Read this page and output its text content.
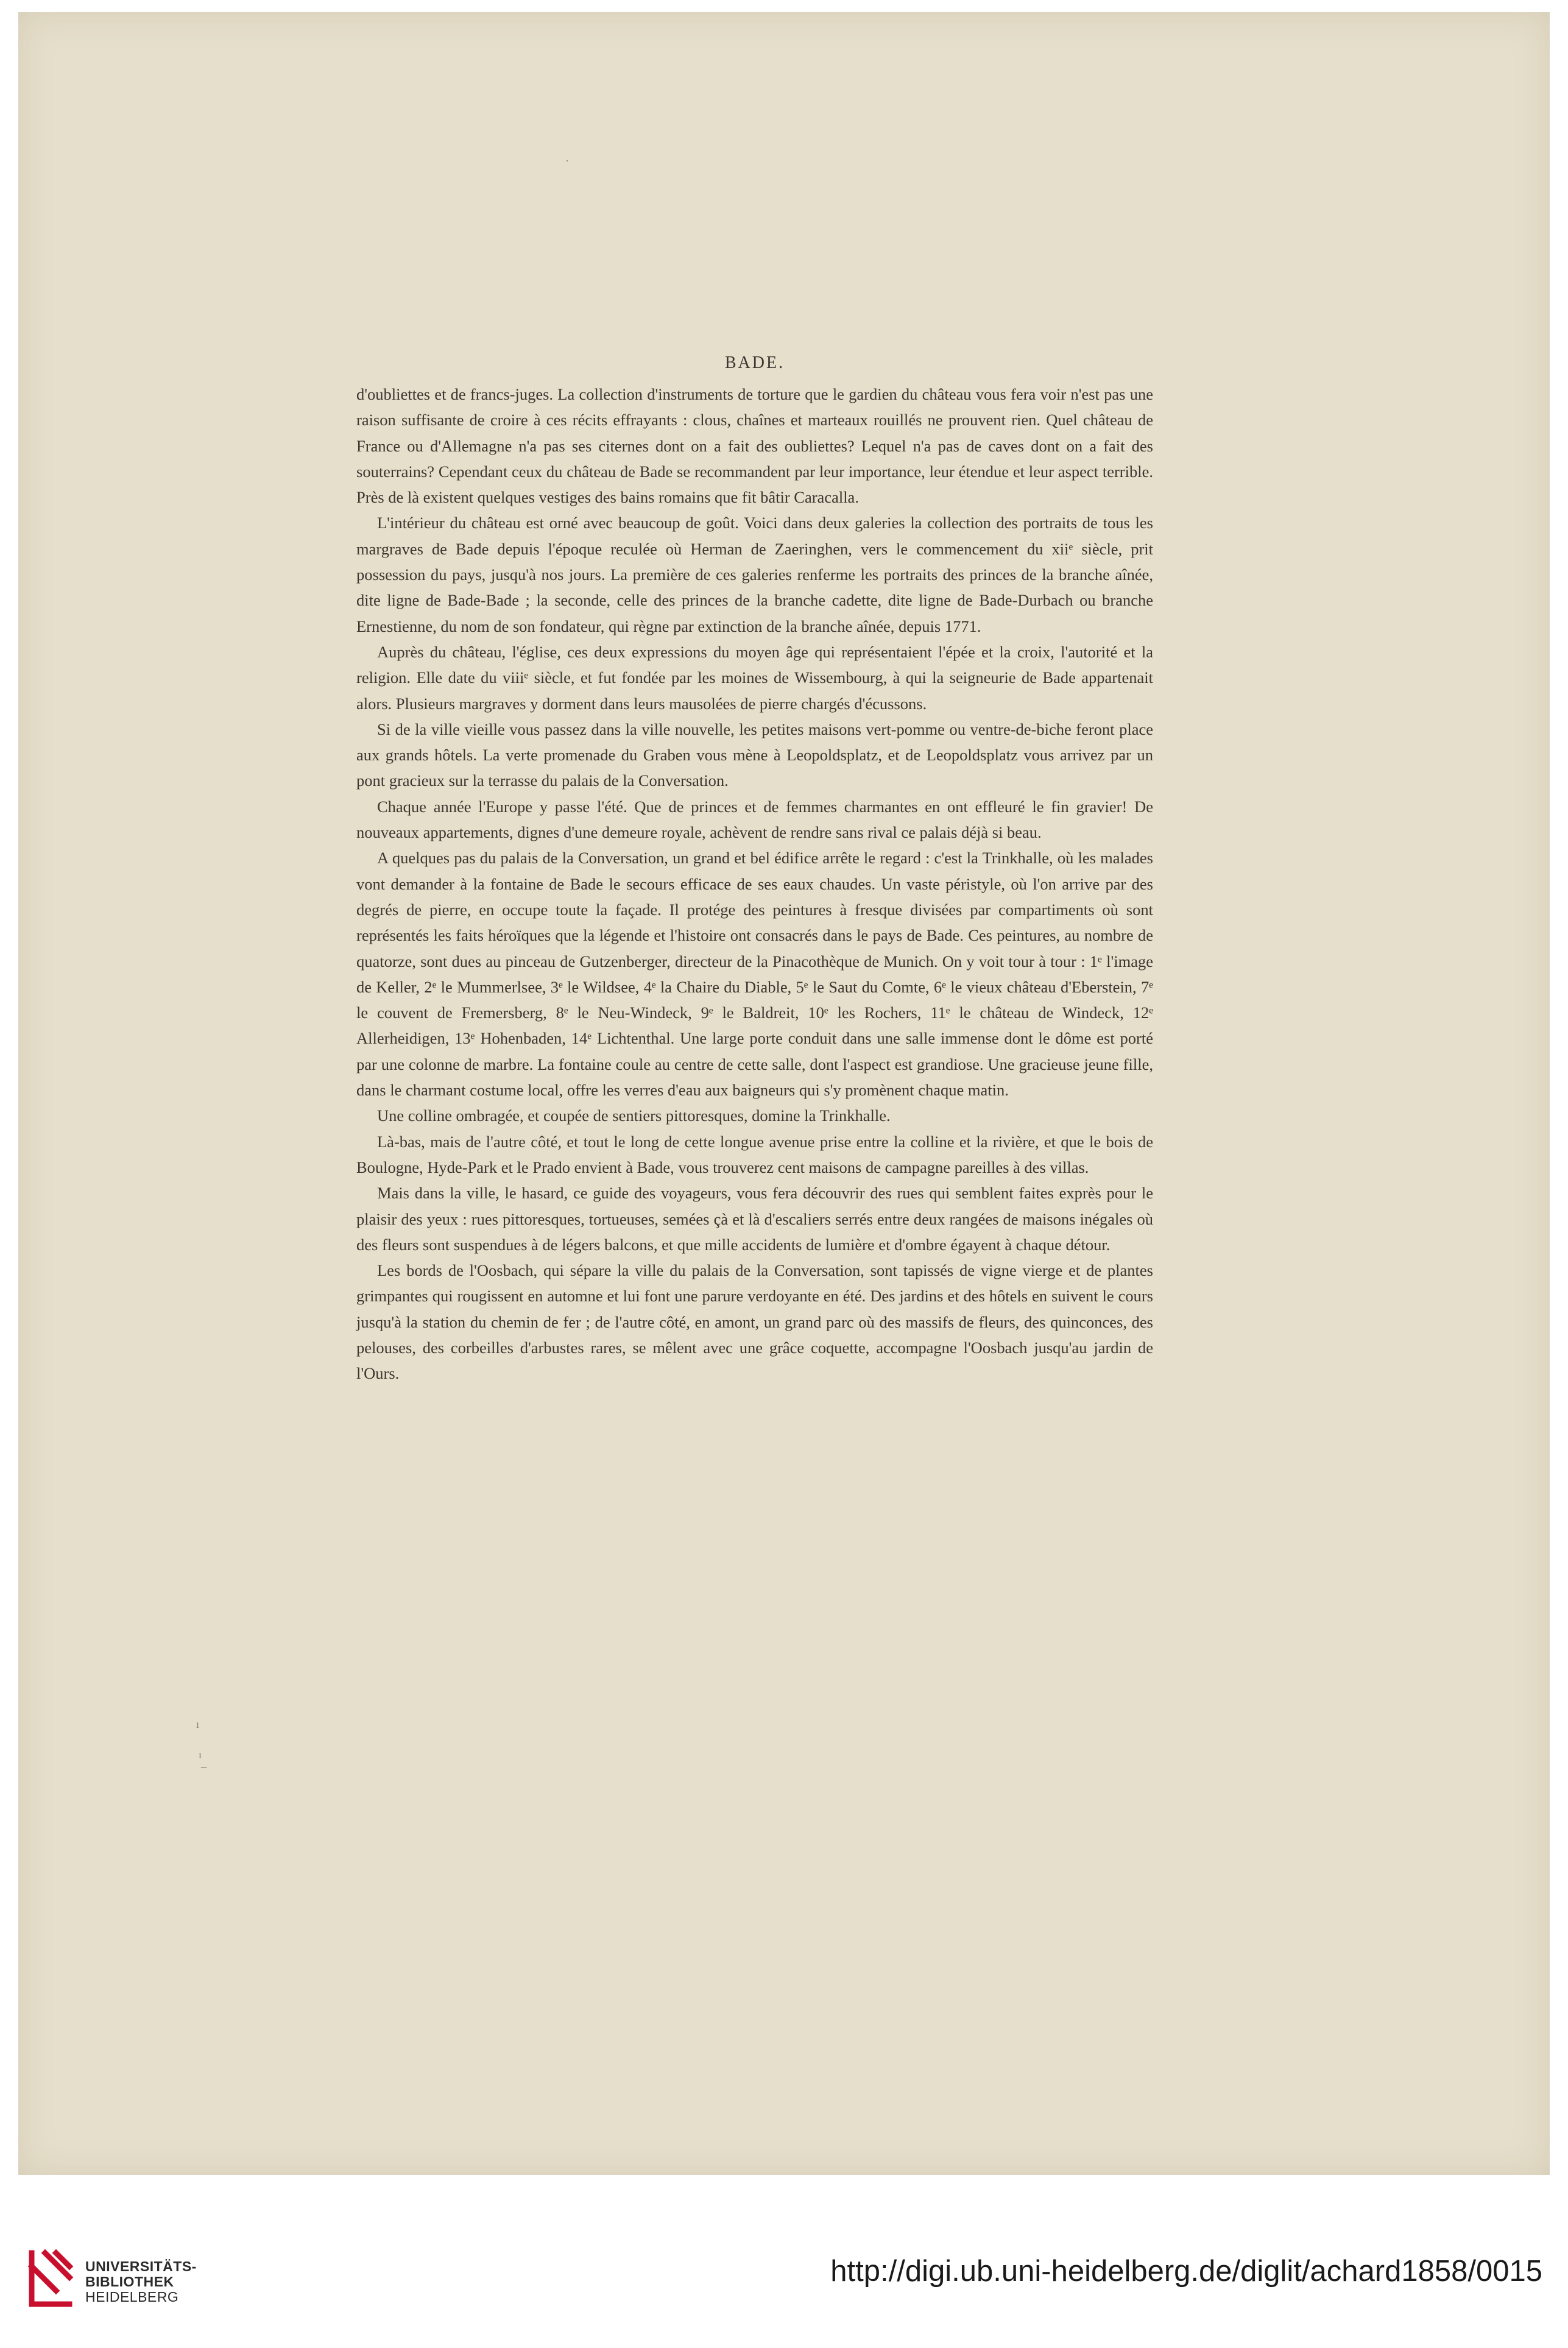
·
ı
ı
–
BADE.

d'oubliettes et de francs-juges. La collection d'instruments de torture que le gardien du château vous fera voir n'est pas une raison suffisante de croire à ces récits effrayants : clous, chaînes et marteaux rouillés ne prouvent rien. Quel château de France ou d'Allemagne n'a pas ses citernes dont on a fait des oubliettes? Lequel n'a pas de caves dont on a fait des souterrains? Cependant ceux du château de Bade se recommandent par leur importance, leur étendue et leur aspect terrible. Près de là existent quelques vestiges des bains romains que fit bâtir Caracalla.

L'intérieur du château est orné avec beaucoup de goût. Voici dans deux galeries la collection des portraits de tous les margraves de Bade depuis l'époque reculée où Herman de Zaeringhen, vers le commencement du xiiᵉ siècle, prit possession du pays, jusqu'à nos jours. La première de ces galeries renferme les portraits des princes de la branche aînée, dite ligne de Bade-Bade ; la seconde, celle des princes de la branche cadette, dite ligne de Bade-Durbach ou branche Ernestienne, du nom de son fondateur, qui règne par extinction de la branche aînée, depuis 1771.

Auprès du château, l'église, ces deux expressions du moyen âge qui représentaient l'épée et la croix, l'autorité et la religion. Elle date du viiiᵉ siècle, et fut fondée par les moines de Wissembourg, à qui la seigneurie de Bade appartenait alors. Plusieurs margraves y dorment dans leurs mausolées de pierre chargés d'écussons.

Si de la ville vieille vous passez dans la ville nouvelle, les petites maisons vert-pomme ou ventre-de-biche feront place aux grands hôtels. La verte promenade du Graben vous mène à Leopoldsplatz, et de Leopoldsplatz vous arrivez par un pont gracieux sur la terrasse du palais de la Conversation.

Chaque année l'Europe y passe l'été. Que de princes et de femmes charmantes en ont effleuré le fin gravier! De nouveaux appartements, dignes d'une demeure royale, achèvent de rendre sans rival ce palais déjà si beau.

A quelques pas du palais de la Conversation, un grand et bel édifice arrête le regard : c'est la Trinkhalle, où les malades vont demander à la fontaine de Bade le secours efficace de ses eaux chaudes. Un vaste péristyle, où l'on arrive par des degrés de pierre, en occupe toute la façade. Il protége des peintures à fresque divisées par compartiments où sont représentés les faits héroïques que la légende et l'histoire ont consacrés dans le pays de Bade. Ces peintures, au nombre de quatorze, sont dues au pinceau de Gutzenberger, directeur de la Pinacothèque de Munich. On y voit tour à tour : 1ᵉ l'image de Keller, 2ᵉ le Mummerlsee, 3ᵉ le Wildsee, 4ᵉ la Chaire du Diable, 5ᵉ le Saut du Comte, 6ᵉ le vieux château d'Eberstein, 7ᵉ le couvent de Fremersberg, 8ᵉ le Neu-Windeck, 9ᵉ le Baldreit, 10ᵉ les Rochers, 11ᵉ le château de Windeck, 12ᵉ Allerheidigen, 13ᵉ Hohenbaden, 14ᵉ Lichtenthal. Une large porte conduit dans une salle immense dont le dôme est porté par une colonne de marbre. La fontaine coule au centre de cette salle, dont l'aspect est grandiose. Une gracieuse jeune fille, dans le charmant costume local, offre les verres d'eau aux baigneurs qui s'y promènent chaque matin.

Une colline ombragée, et coupée de sentiers pittoresques, domine la Trinkhalle.

Là-bas, mais de l'autre côté, et tout le long de cette longue avenue prise entre la colline et la rivière, et que le bois de Boulogne, Hyde-Park et le Prado envient à Bade, vous trouverez cent maisons de campagne pareilles à des villas.

Mais dans la ville, le hasard, ce guide des voyageurs, vous fera découvrir des rues qui semblent faites exprès pour le plaisir des yeux : rues pittoresques, tortueuses, semées çà et là d'escaliers serrés entre deux rangées de maisons inégales où des fleurs sont suspendues à de légers balcons, et que mille accidents de lumière et d'ombre égayent à chaque détour.

Les bords de l'Oosbach, qui sépare la ville du palais de la Conversation, sont tapissés de vigne vierge et de plantes grimpantes qui rougissent en automne et lui font une parure verdoyante en été. Des jardins et des hôtels en suivent le cours jusqu'à la station du chemin de fer ; de l'autre côté, en amont, un grand parc où des massifs de fleurs, des quinconces, des pelouses, des corbeilles d'arbustes rares, se mêlent avec une grâce coquette, accompagne l'Oosbach jusqu'au jardin de l'Ours.

UNIVERSITÄTS-
BIBLIOTHEK
HEIDELBERG
http://digi.ub.uni-heidelberg.de/diglit/achard1858/0015
